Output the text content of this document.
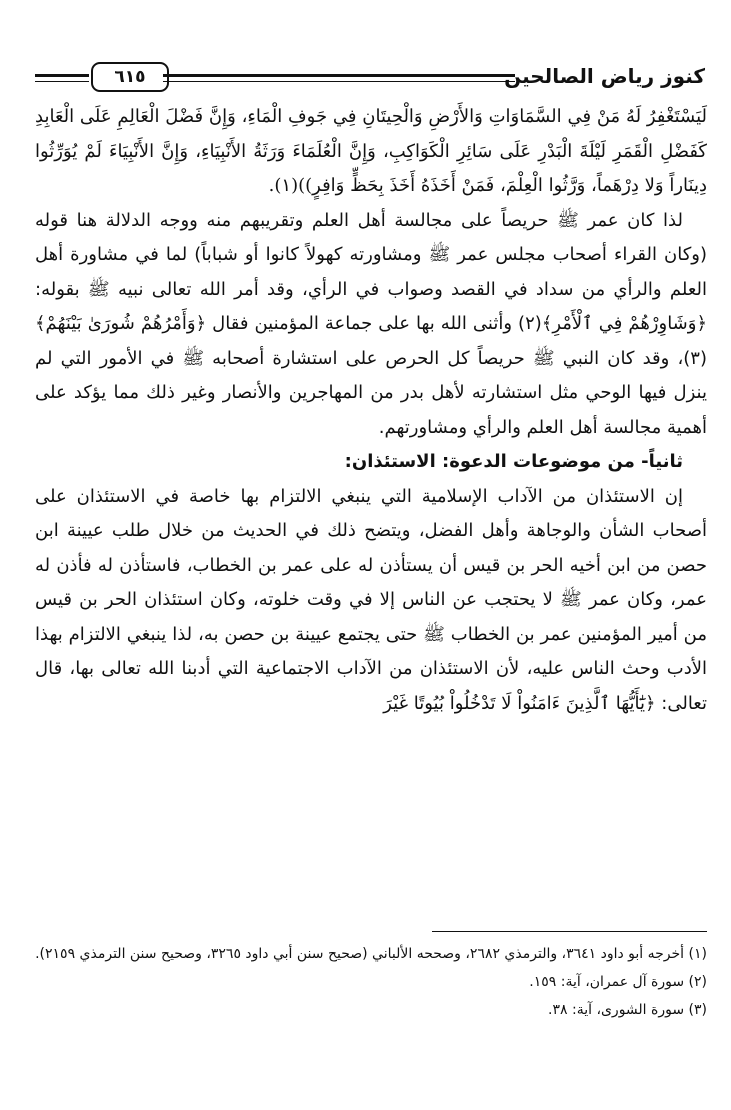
كنوز رياض الصالحين
٦١٥

لَيَسْتَغْفِرُ لَهُ مَنْ فِي السَّمَاوَاتِ وَالأَرْضِ وَالْحِيتَانِ فِي جَوفِ الْمَاءِ، وَإِنَّ فَضْلَ الْعَالِمِ عَلَى الْعَابِدِ كَفَضْلِ الْقَمَرِ لَيْلَةَ الْبَدْرِ عَلَى سَائِرِ الْكَوَاكِبِ، وَإِنَّ الْعُلَمَاءَ وَرَثَةُ الأَنْبِيَاءِ، وَإِنَّ الأَنْبِيَاءَ لَمْ يُوَرِّثُوا دِينَاراً وَلا دِرْهَماً، وَرَّثُوا الْعِلْمَ، فَمَنْ أَخَذَهُ أَخَذَ بِحَظٍّ وَافِرٍ))(١).

لذا كان عمر ﷺ حريصاً على مجالسة أهل العلم وتقريبهم منه ووجه الدلالة هنا قوله (وكان القراء أصحاب مجلس عمر ﷺ ومشاورته كهولاً كانوا أو شباباً) لما في مشاورة أهل العلم والرأي من سداد في القصد وصواب في الرأي، وقد أمر الله تعالى نبيه ﷺ بقوله: ﴿وَشَاوِرْهُمْ فِي ٱلْأَمْرِ﴾(٢) وأثنى الله بها على جماعة المؤمنين فقال ﴿وَأَمْرُهُمْ شُورَىٰ بَيْنَهُمْ﴾(٣)، وقد كان النبي ﷺ حريصاً كل الحرص على استشارة أصحابه ﷺ في الأمور التي لم ينزل فيها الوحي مثل استشارته لأهل بدر من المهاجرين والأنصار وغير ذلك مما يؤكد على أهمية مجالسة أهل العلم والرأي ومشاورتهم.

ثانياً- من موضوعات الدعوة: الاستئذان:

إن الاستئذان من الآداب الإسلامية التي ينبغي الالتزام بها خاصة في الاستئذان على أصحاب الشأن والوجاهة وأهل الفضل، ويتضح ذلك في الحديث من خلال طلب عيينة ابن حصن من ابن أخيه الحر بن قيس أن يستأذن له على عمر بن الخطاب، فاستأذن له فأذن له عمر، وكان عمر ﷺ لا يحتجب عن الناس إلا في وقت خلوته، وكان استئذان الحر بن قيس من أمير المؤمنين عمر بن الخطاب ﷺ حتى يجتمع عيينة بن حصن به، لذا ينبغي الالتزام بهذا الأدب وحث الناس عليه، لأن الاستئذان من الآداب الاجتماعية التي أدبنا الله تعالى بها، قال تعالى: ﴿يَٰٓأَيُّهَا ٱلَّذِينَ ءَامَنُواْ لَا تَدْخُلُواْ بُيُوتًا غَيْرَ

(١) أخرجه أبو داود ٣٦٤١، والترمذي ٢٦٨٢، وصححه الألباني (صحيح سنن أبي داود ٣٢٦٥، وصحيح سنن الترمذي ٢١٥٩).

(٢) سورة آل عمران، آية: ١٥٩.

(٣) سورة الشورى، آية: ٣٨.
